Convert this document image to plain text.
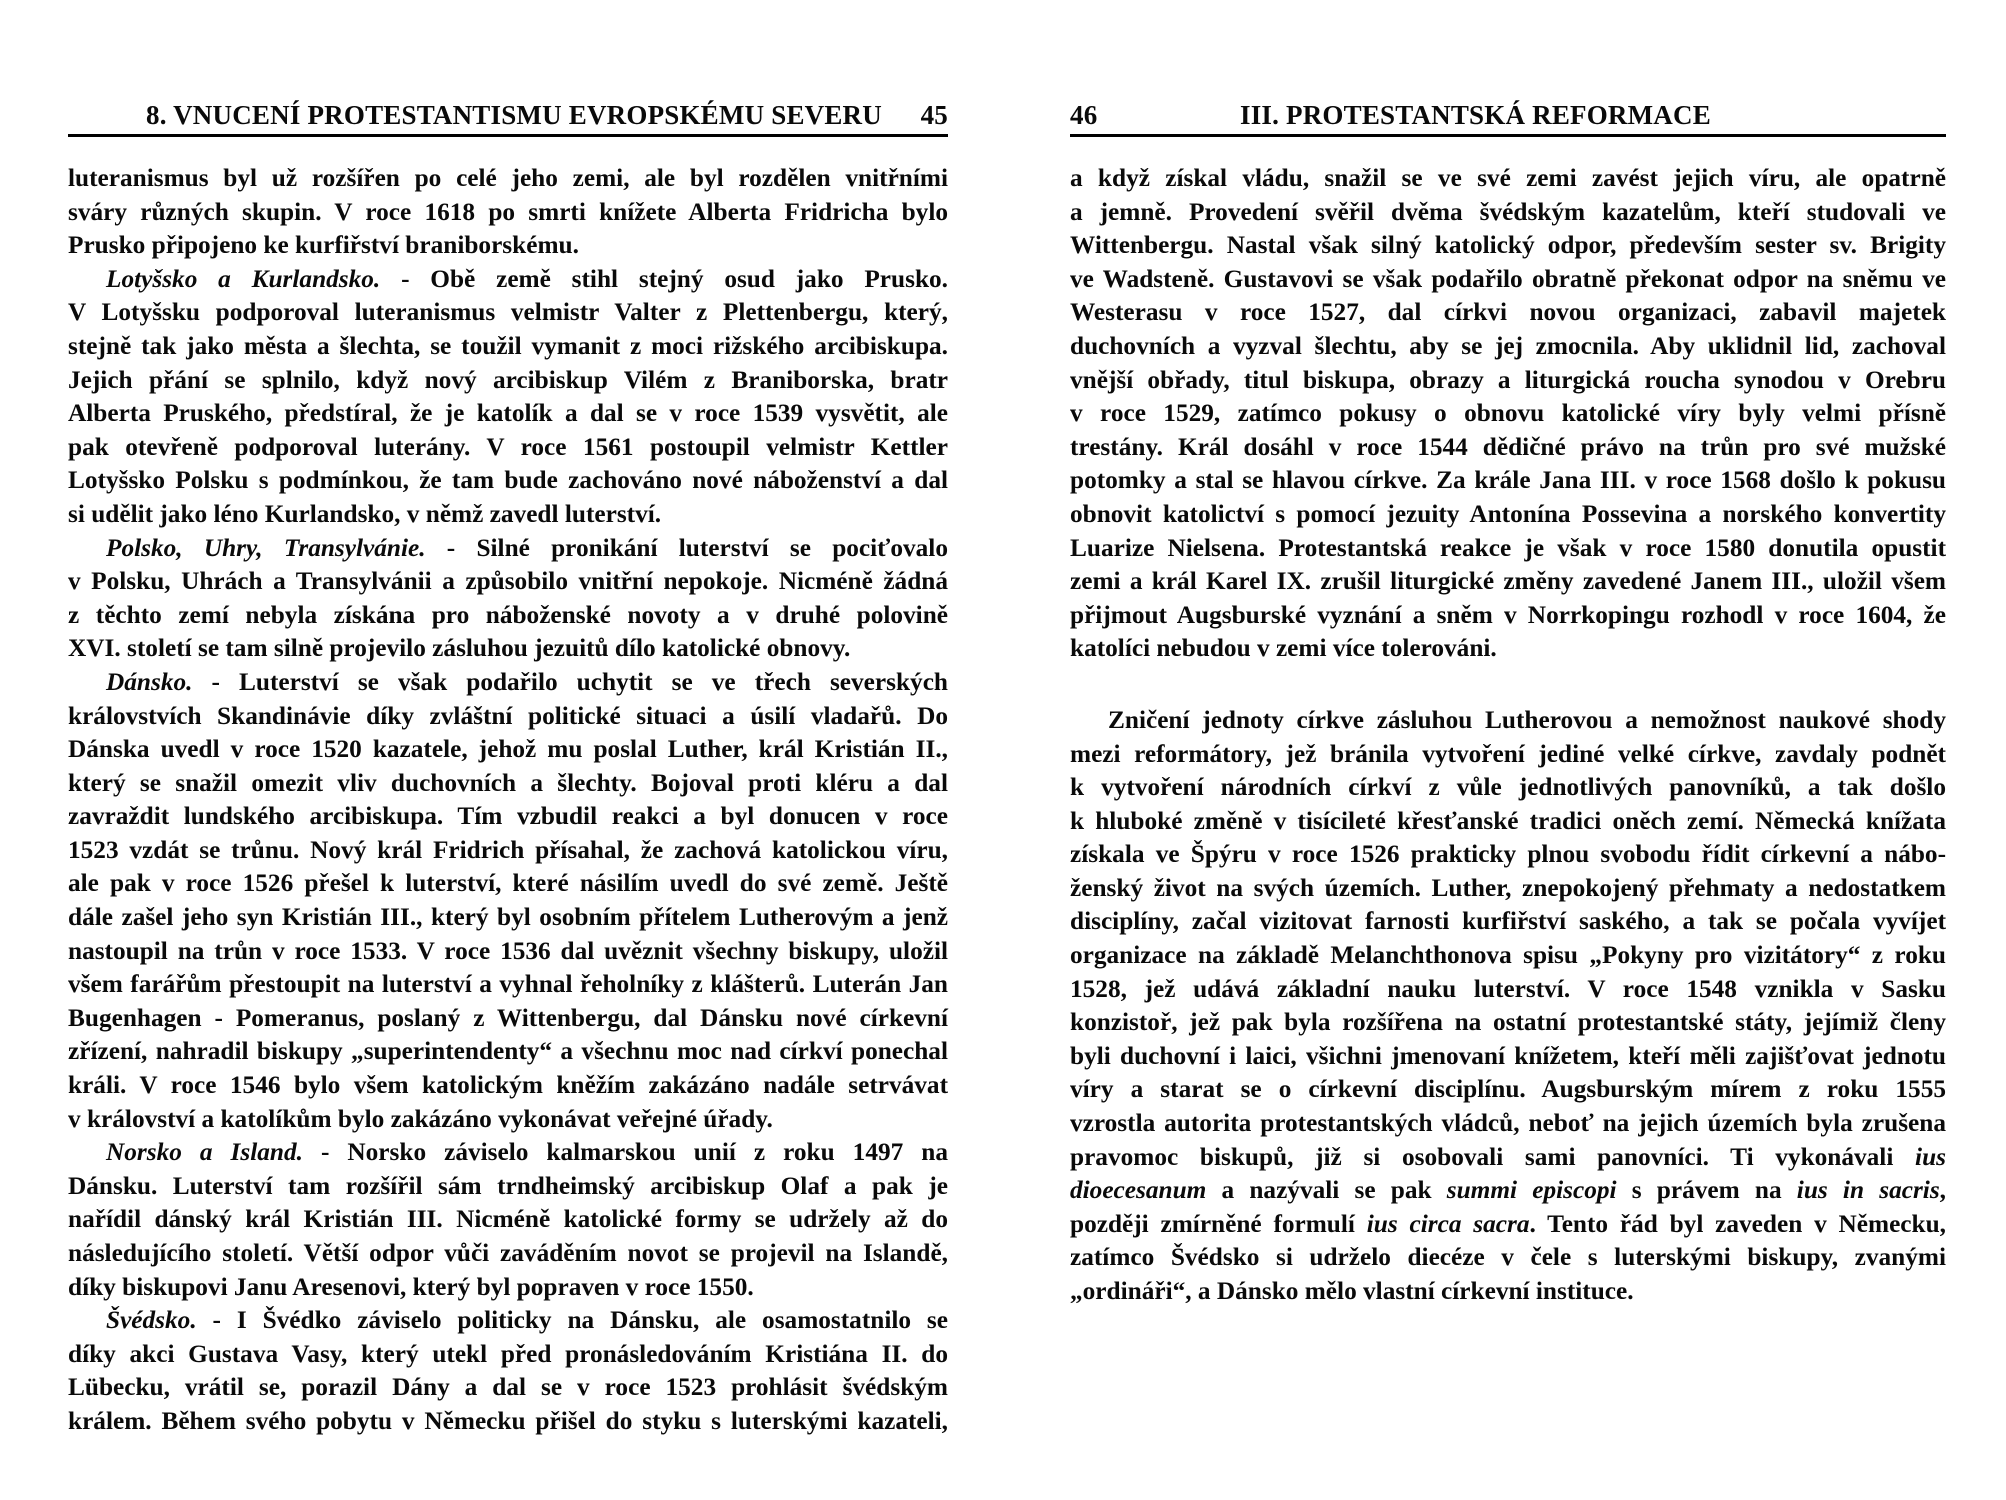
8. VNUCENÍ PROTESTANTISMU EVROPSKÉMU SEVERU 45
luteranismus byl už rozšířen po celé jeho zemi, ale byl rozdělen vnitřními
sváry různých skupin. V roce 1618 po smrti knížete Alberta Fridricha bylo
Prusko připojeno ke kurfiřství braniborskému.
Lotyšsko a Kurlandsko. - Obě země stihl stejný osud jako Prusko.
V Lotyšsku podporoval luteranismus velmistr Valter z Plettenbergu, který,
stejně tak jako města a šlechta, se toužil vymanit z moci rižského arcibiskupa.
Jejich přání se splnilo, když nový arcibiskup Vilém z Braniborska, bratr
Alberta Pruského, předstíral, že je katolík a dal se v roce 1539 vysvětit, ale
pak otevřeně podporoval luterány. V roce 1561 postoupil velmistr Kettler
Lotyšsko Polsku s podmínkou, že tam bude zachováno nové náboženství a dal
si udělit jako léno Kurlandsko, v němž zavedl luterství.
Polsko, Uhry, Transylvánie. - Silné pronikání luterství se pociťovalo
v Polsku, Uhrách a Transylvánii a způsobilo vnitřní nepokoje. Nicméně žádná
z těchto zemí nebyla získána pro náboženské novoty a v druhé polovině
XVI. století se tam silně projevilo zásluhou jezuitů dílo katolické obnovy.
Dánsko. - Luterství se však podařilo uchytit se ve třech severských
královstvích Skandinávie díky zvláštní politické situaci a úsilí vladařů. Do
Dánska uvedl v roce 1520 kazatele, jehož mu poslal Luther, král Kristián II.,
který se snažil omezit vliv duchovních a šlechty. Bojoval proti kléru a dal
zavraždit lundského arcibiskupa. Tím vzbudil reakci a byl donucen v roce
1523 vzdát se trůnu. Nový král Fridrich přísahal, že zachová katolickou víru,
ale pak v roce 1526 přešel k luterství, které násilím uvedl do své země. Ještě
dále zašel jeho syn Kristián III., který byl osobním přítelem Lutherovým a jenž
nastoupil na trůn v roce 1533. V roce 1536 dal uvěznit všechny biskupy, uložil
všem farářům přestoupit na luterství a vyhnal řeholníky z klášterů. Luterán Jan
Bugenhagen - Pomeranus, poslaný z Wittenbergu, dal Dánsku nové církevní
zřízení, nahradil biskupy „superintendenty“ a všechnu moc nad církví ponechal
králi. V roce 1546 bylo všem katolickým kněžím zakázáno nadále setrvávat
v království a katolíkům bylo zakázáno vykonávat veřejné úřady.
Norsko a Island. - Norsko záviselo kalmarskou unií z roku 1497 na
Dánsku. Luterství tam rozšířil sám trndheimský arcibiskup Olaf a pak je
nařídil dánský král Kristián III. Nicméně katolické formy se udržely až do
následujícího století. Větší odpor vůči zaváděním novot se projevil na Islandě,
díky biskupovi Janu Aresenovi, který byl popraven v roce 1550.
Švédsko. - I Švédko záviselo politicky na Dánsku, ale osamostatnilo se
díky akci Gustava Vasy, který utekl před pronásledováním Kristiána II. do
Lübecku, vrátil se, porazil Dány a dal se v roce 1523 prohlásit švédským
králem. Během svého pobytu v Německu přišel do styku s luterskými kazateli,
46	III. PROTESTANTSKÁ REFORMACE
a když získal vládu, snažil se ve své zemi zavést jejich víru, ale opatrně
a jemně. Provedení svěřil dvěma švédským kazatelům, kteří studovali ve
Wittenbergu. Nastal však silný katolický odpor, především sester sv. Brigity
ve Wadsteně. Gustavovi se však podařilo obratně překonat odpor na sněmu ve
Westerasu v roce 1527, dal církvi novou organizaci, zabavil majetek
duchovních a vyzval šlechtu, aby se jej zmocnila. Aby uklidnil lid, zachoval
vnější obřady, titul biskupa, obrazy a liturgická roucha synodou v Orebru
v roce 1529, zatímco pokusy o obnovu katolické víry byly velmi přísně
trestány. Král dosáhl v roce 1544 dědičné právo na trůn pro své mužské
potomky a stal se hlavou církve. Za krále Jana III. v roce 1568 došlo k pokusu
obnovit katolictví s pomocí jezuity Antonína Possevina a norského konvertity
Luarize Nielsena. Protestantská reakce je však v roce 1580 donutila opustit
zemi a král Karel IX. zrušil liturgické změny zavedené Janem III., uložil všem
přijmout Augsburské vyznání a sněm v Norrkopingu rozhodl v roce 1604, že
katolíci nebudou v zemi více tolerováni.
Zničení jednoty církve zásluhou Lutherovou a nemožnost naukové shody
mezi reformátory, jež bránila vytvoření jediné velké církve, zavdaly podnět
k vytvoření národních církví z vůle jednotlivých panovníků, a tak došlo
k hluboké změně v tisícileté křesťanské tradici oněch zemí. Německá knížata
získala ve Špýru v roce 1526 prakticky plnou svobodu řídit církevní a nábo-
ženský život na svých územích. Luther, znepokojený přehmaty a nedostatkem
disciplíny, začal vizitovat farnosti kurfiřství saského, a tak se počala vyvíjet
organizace na základě Melanchthonova spisu „Pokyny pro vizitátory“ z roku
1528, jež udává základní nauku luterství. V roce 1548 vznikla v Sasku
konzistoř, jež pak byla rozšířena na ostatní protestantské státy, jejímiž členy
byli duchovní i laici, všichni jmenovaní knížetem, kteří měli zajišťovat jednotu
víry a starat se o církevní disciplínu. Augsburským mírem z roku 1555
vzrostla autorita protestantských vládců, neboť na jejich územích byla zrušena
pravomoc biskupů, již si osobovali sami panovníci. Ti vykonávali ius
dioecesanum a nazývali se pak summi episcopi s právem na ius in sacris,
později zmírněné formulí ius circa sacra. Tento řád byl zaveden v Německu,
zatímco Švédsko si udrželo diecéze v čele s luterskými biskupy, zvanými
„ordináři“, a Dánsko mělo vlastní církevní instituce.
